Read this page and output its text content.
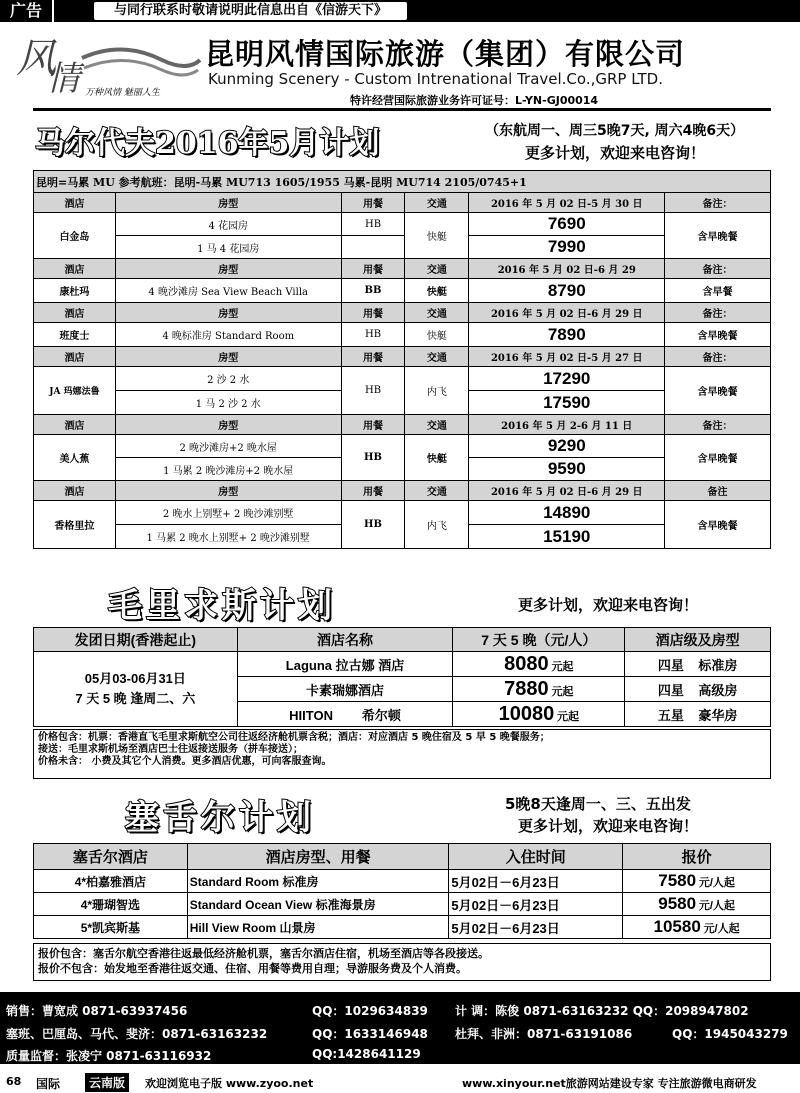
广告	与同行联系时敬请说明此信息出自《信游天下》
风
情 万种风情 魅丽人生
昆明风情国际旅游（集团）有限公司
Kunming Scenery - Custom Intrenational Travel.Co.,GRP LTD.
特许经营国际旅游业务许可证号：L-YN-GJ00014
马尔代夫2016年5月计划	（东航周一、周三5晚7天, 周六4晚6天）
更多计划，欢迎来电咨询！
昆明=马累 MU 参考航班：昆明-马累 MU713 1605/1955 马累-昆明 MU714 2105/0745+1					
酒店	房型	用餐	交通	2016 年 5 月 02 日-5 月 30 日	备注：
白金岛	4 花园房	HB	快艇	7690	含早晚餐
	1 马 4 花园房			7990	
酒店	房型	用餐	交通	2016 年 5 月 02 日-6 月 29	备注：
康杜玛	4 晚沙滩房 Sea View Beach Villa	BB	快艇	8790	含早餐
酒店	房型	用餐	交通	2016 年 5 月 02 日-6 月 29 日	备注：
班度士	4 晚标准房 Standard Room	HB	快艇	7890	含早晚餐
酒店	房型	用餐	交通	2016 年 5 月 02 日-5 月 27 日	备注：
JA 玛娜法鲁	2 沙 2 水	HB	内飞	17290	含早晚餐
	1 马 2 沙 2 水			17590	
酒店	房型	用餐	交通	2016 年 5 月 2-6 月 11 日	备注：
美人蕉	2 晚沙滩房+2 晚水屋	HB	快艇	9290	含早晚餐
	1 马累 2 晚沙滩房+2 晚水屋			9590	
酒店	房型	用餐	交通	2016 年 5 月 02 日-6 月 29 日	备注
香格里拉	2 晚水上别墅+ 2 晚沙滩别墅	HB	内飞	14890	含早晚餐
	1 马累 2 晚水上别墅+ 2 晚沙滩别墅			15190	
毛里求斯计划	更多计划，欢迎来电咨询！
发团日期(香港起止)	酒店名称	7 天 5 晚（元/人）	酒店级及房型

05月03-06月31日
7 天 5 晚 逢周二、六	Laguna 拉古娜 酒店	8080 元起	四星 标准房
	卡素瑞娜酒店	7880 元起	四星 高级房
	HIITON 希尔顿	10080 元起	五星 豪华房
价格包含：机票：香港直飞毛里求斯航空公司往返经济舱机票含税；酒店：对应酒店 5 晚住宿及 5 早 5 晚餐服务；
接送：毛里求斯机场至酒店巴士往返接送服务（拼车接送）；
价格未含： 小费及其它个人消费。更多酒店优惠，可向客服查询。
塞舌尔计划	5晚8天逢周一、三、五出发
更多计划，欢迎来电咨询！
塞舌尔酒店	酒店房型、用餐	入住时间	报价
4*柏嘉雅酒店	Standard Room 标准房	5月02日－6月23日	7580 元/人起
4*珊瑚智选	Standard Ocean View 标准海景房	5月02日－6月23日	9580 元/人起
5*凯宾斯基	Hill View Room 山景房	5月02日－6月23日	10580 元/人起
报价包含：塞舌尔航空香港往返最低经济舱机票，塞舌尔酒店住宿，机场至酒店等各段接送。
报价不包含：始发地至香港往返交通、住宿、用餐等费用自理；导游服务费及个人消费。
销售：曹宽成 0871-63937456	QQ：1029634839 计 调：陈俊 0871-63163232 QQ：2098947802
塞班、巴厘岛、马代、斐济：0871-63163232	QQ：1633146948 杜拜、非洲：0871-63191086	QQ：1945043279
质量监督：张凌宁 0871-63116932	QQ:1428641129
68 国际	云南版	欢迎浏览电子版 www.zyoo.net	www.xinyour.net旅游网站建设专家 专注旅游微电商研发
